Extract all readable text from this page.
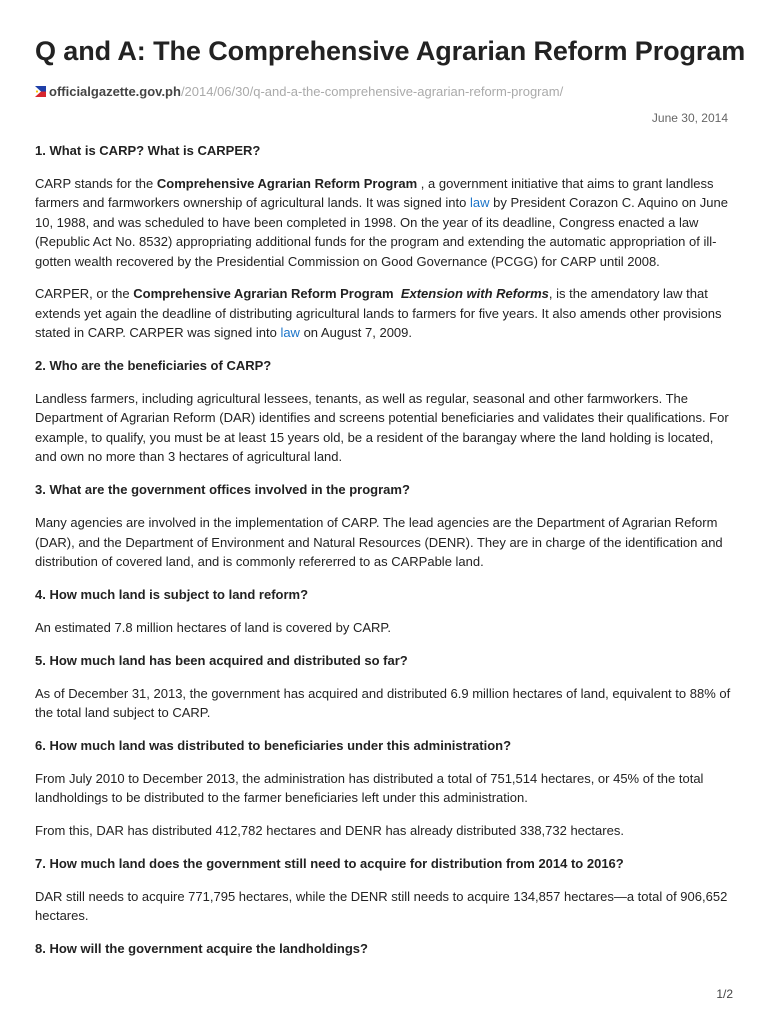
Q and A: The Comprehensive Agrarian Reform Program
officialgazette.gov.ph/2014/06/30/q-and-a-the-comprehensive-agrarian-reform-program/
June 30, 2014

1. What is CARP? What is CARPER?

CARP stands for the Comprehensive Agrarian Reform Program , a government initiative that aims to grant landless farmers and farmworkers ownership of agricultural lands. It was signed into law by President Corazon C. Aquino on June 10, 1988, and was scheduled to have been completed in 1998. On the year of its deadline, Congress enacted a law (Republic Act No. 8532) appropriating additional funds for the program and extending the automatic appropriation of ill-gotten wealth recovered by the Presidential Commission on Good Governance (PCGG) for CARP until 2008.

CARPER, or the Comprehensive Agrarian Reform Program Extension with Reforms, is the amendatory law that extends yet again the deadline of distributing agricultural lands to farmers for five years. It also amends other provisions stated in CARP. CARPER was signed into law on August 7, 2009.

2. Who are the beneficiaries of CARP?

Landless farmers, including agricultural lessees, tenants, as well as regular, seasonal and other farmworkers. The Department of Agrarian Reform (DAR) identifies and screens potential beneficiaries and validates their qualifications. For example, to qualify, you must be at least 15 years old, be a resident of the barangay where the land holding is located, and own no more than 3 hectares of agricultural land.

3. What are the government offices involved in the program?

Many agencies are involved in the implementation of CARP. The lead agencies are the Department of Agrarian Reform (DAR), and the Department of Environment and Natural Resources (DENR). They are in charge of the identification and distribution of covered land, and is commonly refererred to as CARPable land.

4. How much land is subject to land reform?

An estimated 7.8 million hectares of land is covered by CARP.

5. How much land has been acquired and distributed so far?

As of December 31, 2013, the government has acquired and distributed 6.9 million hectares of land, equivalent to 88% of the total land subject to CARP.

6. How much land was distributed to beneficiaries under this administration?

From July 2010 to December 2013, the administration has distributed a total of 751,514 hectares, or 45% of the total landholdings to be distributed to the farmer beneficiaries left under this administration.

From this, DAR has distributed 412,782 hectares and DENR has already distributed 338,732 hectares.

7. How much land does the government still need to acquire for distribution from 2014 to 2016?

DAR still needs to acquire 771,795 hectares, while the DENR still needs to acquire 134,857 hectares—a total of 906,652 hectares.

8. How will the government acquire the landholdings?

1/2
